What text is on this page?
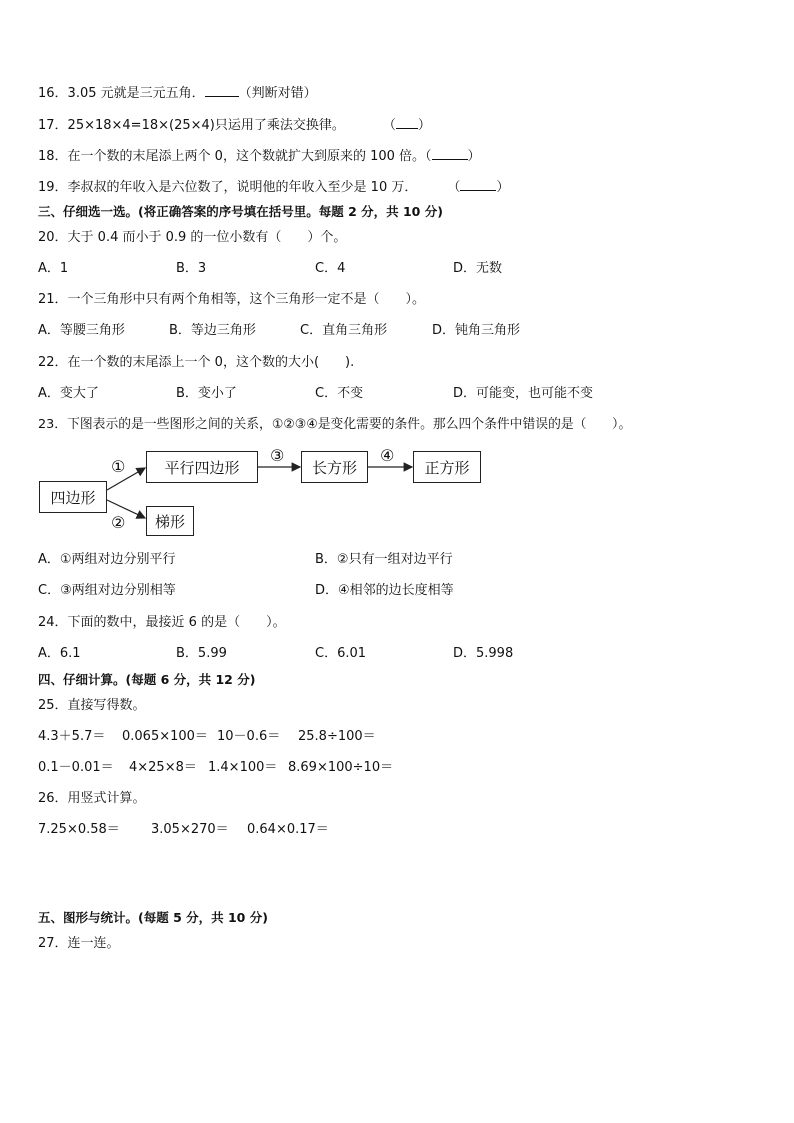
16．3.05 元就是三元五角．	（判断对错）
17．25×18×4=18×(25×4)只运用了乘法交换律。	（ ）
18．在一个数的末尾添上两个 0，这个数就扩大到原来的 100 倍。（	）
19．李叔叔的年收入是六位数了，说明他的年收入至少是 10 万． （	）
三、仔细选一选。(将正确答案的序号填在括号里。每题 2 分，共 10 分)
20．大于 0.4 而小于 0.9 的一位小数有（　　）个。
A．1	B．3	C．4	D．无数
21．一个三角形中只有两个角相等，这个三角形一定不是（　　）。
A．等腰三角形	B．等边三角形	C．直角三角形	D．钝角三角形
22．在一个数的末尾添上一个 0，这个数的大小(　　).
A．变大了	B．变小了	C．不变	D．可能变，也可能不变
23．下图表示的是一些图形之间的关系，①②③④是变化需要的条件。那么四个条件中错误的是（　　）。
四边形
平行四边形	长方形	正方形
梯形
①
②
③	④
A．①两组对边分别平行	B．②只有一组对边平行
C．③两组对边分别相等	D．④相邻的边长度相等
24．下面的数中，最接近 6 的是（　　）。
A．6.1	B．5.99	C．6.01	D．5.998
四、仔细计算。(每题 6 分，共 12 分)
25．直接写得数。
4.3＋5.7＝ 0.065×100＝ 10－0.6＝ 25.8÷100＝
0.1－0.01＝ 4×25×8＝ 1.4×100＝ 8.69×100÷10＝
26．用竖式计算。
7.25×0.58＝ 3.05×270＝ 0.64×0.17＝
五、图形与统计。(每题 5 分，共 10 分)
27．连一连。
